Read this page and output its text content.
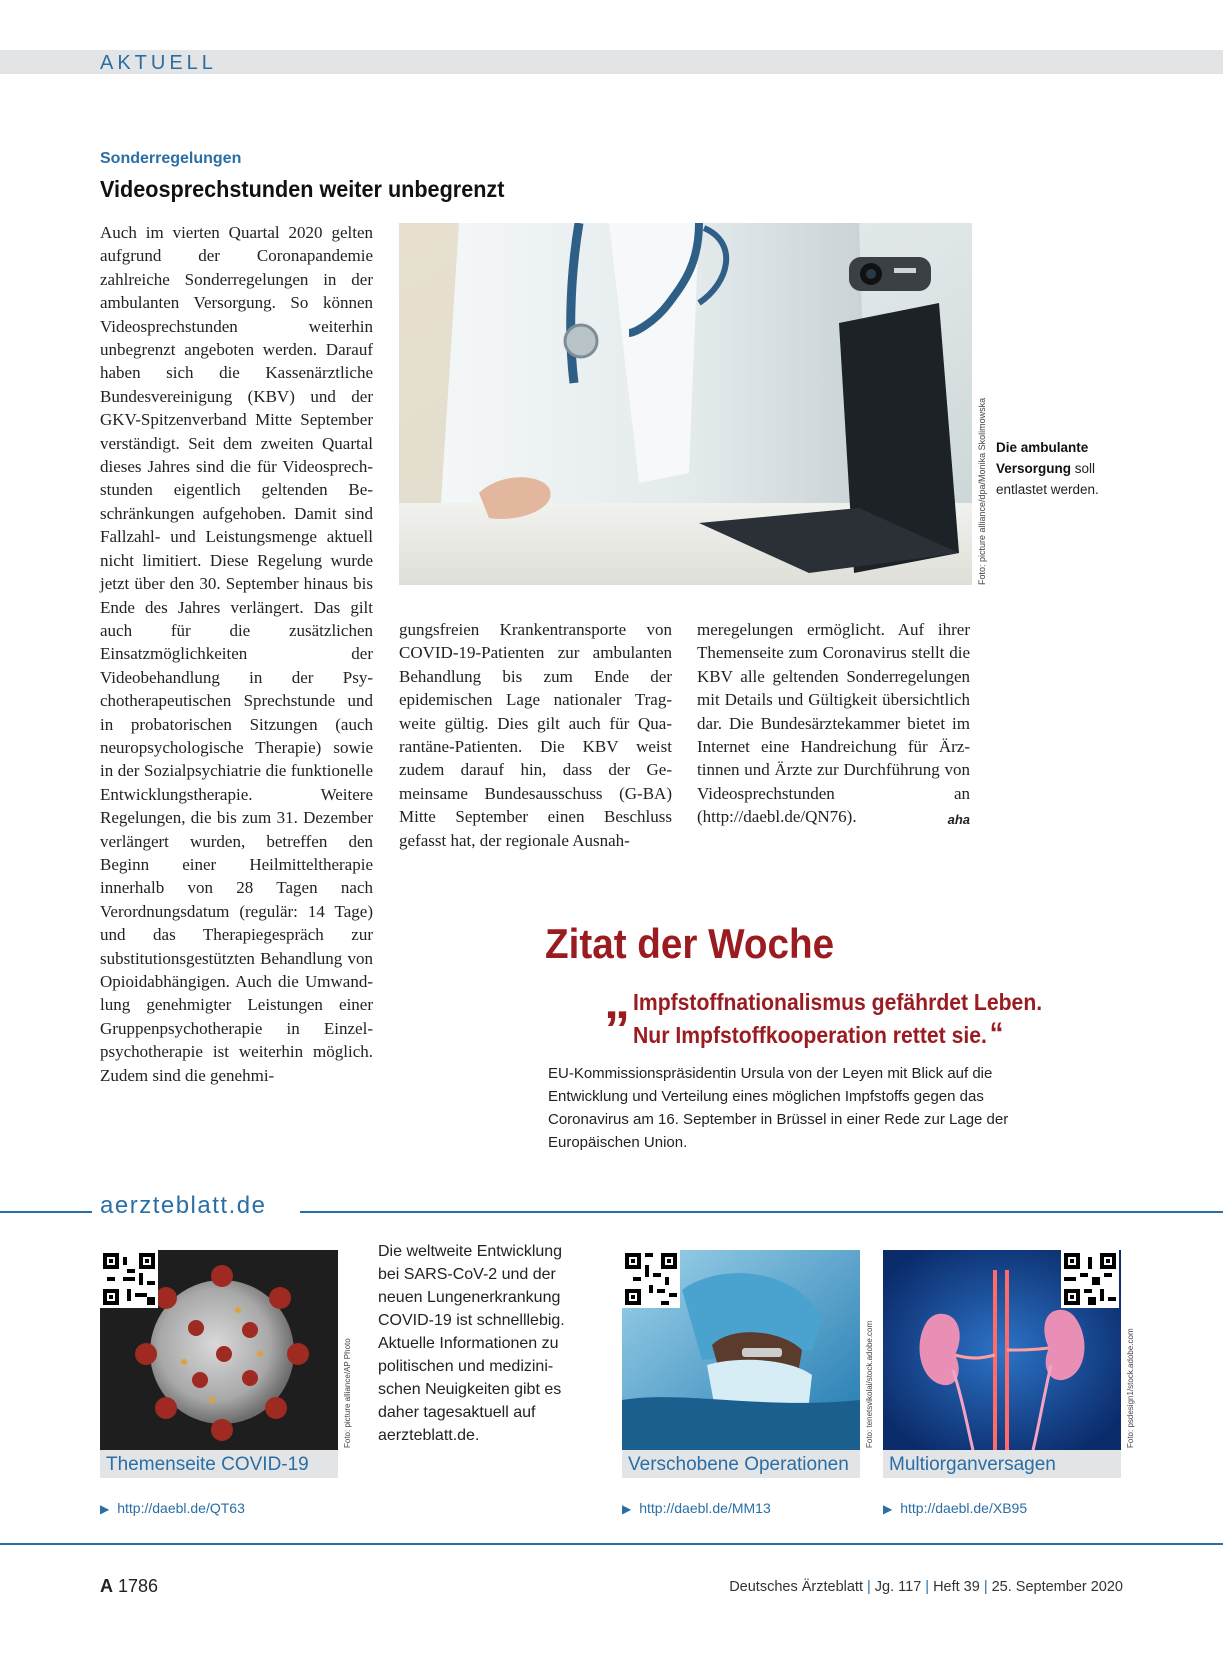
AKTUELL
Sonderregelungen
Videosprechstunden weiter unbegrenzt
Auch im vierten Quartal 2020 gelten aufgrund der Coronapandemie zahlreiche Sonderregelungen in der ambulanten Versorgung. So können Videosprechstunden weiterhin unbegrenzt angeboten werden. Darauf haben sich die Kassenärztliche Bundesvereinigung (KBV) und der GKV-Spitzenverband Mitte September verständigt. Seit dem zweiten Quartal dieses Jahres sind die für Videosprechstunden eigentlich geltenden Beschränkungen aufgehoben. Damit sind Fallzahl- und Leistungsmenge aktuell nicht limitiert. Diese Regelung wurde jetzt über den 30. September hinaus bis Ende des Jahres verlängert. Das gilt auch für die zusätzlichen Einsatzmöglichkeiten der Videobehandlung in der Psychotherapeutischen Sprechstunde und in probatorischen Sitzungen (auch neuropsychologische Therapie) sowie in der Sozialpsychiatrie die funktionelle Entwicklungstherapie. Weitere Regelungen, die bis zum 31. Dezember verlängert wurden, betreffen den Beginn einer Heilmitteltherapie innerhalb von 28 Tagen nach Verordnungsdatum (regulär: 14 Tage) und das Therapiegespräch zur substitutionsgestützten Behandlung von Opioidabhängigen. Auch die Umwandlung genehmigter Leistungen einer Gruppenpsychotherapie in Einzelpsychotherapie ist weiterhin möglich. Zudem sind die genehmi-
Foto: picture alliance/dpa/Monika Skolimowska Die ambulante Versorgung soll entlastet werden.
gungsfreien Krankentransporte von COVID-19-Patienten zur ambulanten Behandlung bis zum Ende der epidemischen Lage nationaler Tragweite gültig. Dies gilt auch für Quarantäne-Patienten. Die KBV weist zudem darauf hin, dass der Gemeinsame Bundesausschuss (G-BA) Mitte September einen Beschluss gefasst hat, der regionale Ausnah-
meregelungen ermöglicht. Auf ihrer Themenseite zum Coronavirus stellt die KBV alle geltenden Sonderregelungen mit Details und Gültigkeit übersichtlich dar. Die Bundesärztekammer bietet im Internet eine Handreichung für Ärztinnen und Ärzte zur Durchführung von Videosprechstunden an (http://daebl.de/QN76).	aha
Zitat der Woche
„ Impfstoffnationalismus gefährdet Leben.
Nur Impfstoffkooperation rettet sie.“
EU-Kommissionspräsidentin Ursula von der Leyen mit Blick auf die Entwicklung und Verteilung eines möglichen Impfstoffs gegen das Coronavirus am 16. September in Brüssel in einer Rede zur Lage der Europäischen Union.
aerzteblatt.de
Foto: picture alliance/AP Photo
Themenseite COVID-19
▶ http://daebl.de/QT63
Die weltweite Entwicklung bei SARS-CoV-2 und der neuen Lungenerkrankung COVID-19 ist schnelllebig. Aktuelle Informationen zu politischen und medizinischen Neuigkeiten gibt es daher tagesaktuell auf aerzteblatt.de.	Foto: tenetsvikolai/stock.adobe.com
Verschobene Operationen
▶ http://daebl.de/MM13
Foto: psdesign1/stock.adobe.com
Multiorganversagen
▶ http://daebl.de/XB95
A 1786	Deutsches Ärzteblatt | Jg. 117 | Heft 39 | 25. September 2020
